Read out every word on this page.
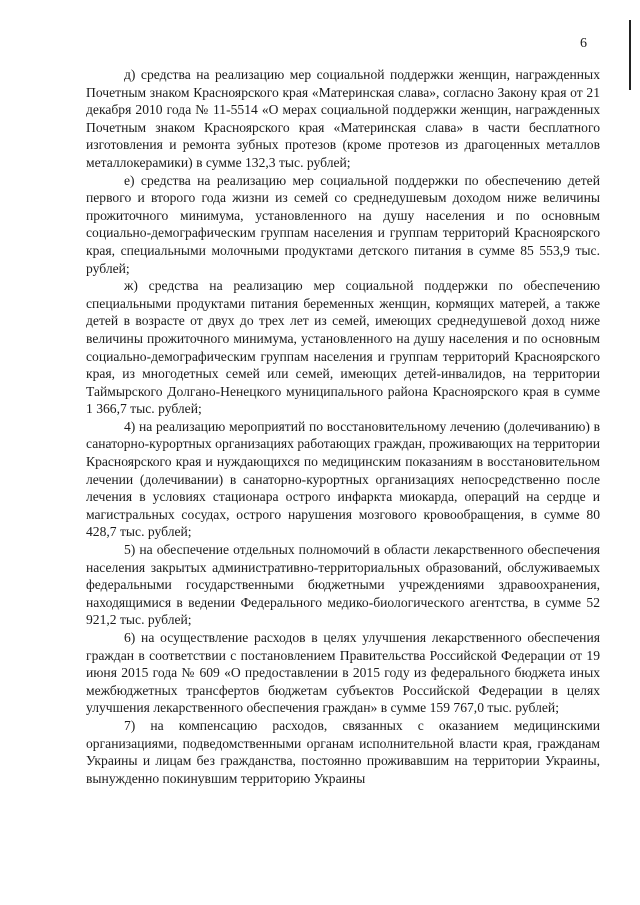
6

д) средства на реализацию мер социальной поддержки женщин, награжденных Почетным знаком Красноярского края «Материнская слава», согласно Закону края от 21 декабря 2010 года № 11-5514 «О мерах социальной поддержки женщин, награжденных Почетным знаком Красноярского края «Материнская слава» в части бесплатного изготовления и ремонта зубных протезов (кроме протезов из драгоценных металлов металлокерамики) в сумме 132,3 тыс. рублей;

е) средства на реализацию мер социальной поддержки по обеспечению детей первого и второго года жизни из семей со среднедушевым доходом ниже величины прожиточного минимума, установленного на душу населения и по основным социально-демографическим группам населения и группам территорий Красноярского края, специальными молочными продуктами детского питания в сумме 85 553,9 тыс. рублей;

ж) средства на реализацию мер социальной поддержки по обеспечению специальными продуктами питания беременных женщин, кормящих матерей, а также детей в возрасте от двух до трех лет из семей, имеющих среднедушевой доход ниже величины прожиточного минимума, установленного на душу населения и по основным социально-демографическим группам населения и группам территорий Красноярского края, из многодетных семей или семей, имеющих детей-инвалидов, на территории Таймырского Долгано-Ненецкого муниципального района Красноярского края в сумме 1 366,7 тыс. рублей;

4) на реализацию мероприятий по восстановительному лечению (долечиванию) в санаторно-курортных организациях работающих граждан, проживающих на территории Красноярского края и нуждающихся по медицинским показаниям в восстановительном лечении (долечивании) в санаторно-курортных организациях непосредственно после лечения в условиях стационара острого инфаркта миокарда, операций на сердце и магистральных сосудах, острого нарушения мозгового кровообращения, в сумме 80 428,7 тыс. рублей;

5) на обеспечение отдельных полномочий в области лекарственного обеспечения населения закрытых административно-территориальных образований, обслуживаемых федеральными государственными бюджетными учреждениями здравоохранения, находящимися в ведении Федерального медико-биологического агентства, в сумме 52 921,2 тыс. рублей;

6) на осуществление расходов в целях улучшения лекарственного обеспечения граждан в соответствии с постановлением Правительства Российской Федерации от 19 июня 2015 года № 609 «О предоставлении в 2015 году из федерального бюджета иных межбюджетных трансфертов бюджетам субъектов Российской Федерации в целях улучшения лекарственного обеспечения граждан» в сумме 159 767,0 тыс. рублей;

7) на компенсацию расходов, связанных с оказанием медицинскими организациями, подведомственными органам исполнительной власти края, гражданам Украины и лицам без гражданства, постоянно проживавшим на территории Украины, вынужденно покинувшим территорию Украины
